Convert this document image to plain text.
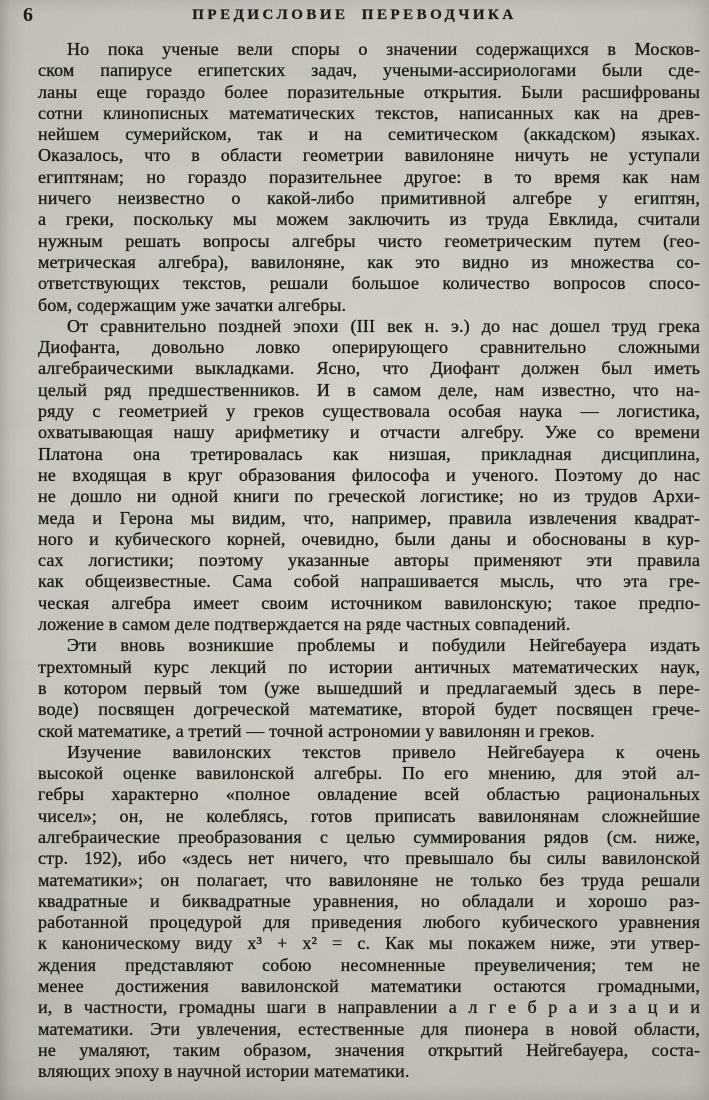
6	ПРЕДИСЛОВИЕ ПЕРЕВОДЧИКА
Но пока ученые вели споры о значении содержащихся в Москов-
ском папирусе египетских задач, учеными-ассириологами были сде-
ланы еще гораздо более поразительные открытия. Были расшифрованы
сотни клинописных математических текстов, написанных как на древ-
нейшем сумерийском, так и на семитическом (аккадском) языках.
Оказалось, что в области геометрии вавилоняне ничуть не уступали
египтянам; но гораздо поразительнее другое: в то время как нам
ничего неизвестно о какой-либо примитивной алгебре у египтян,
а греки, поскольку мы можем заключить из труда Евклида, считали
нужным решать вопросы алгебры чисто геометрическим путем (гео-
метрическая алгебра), вавилоняне, как это видно из множества со-
ответствующих текстов, решали большое количество вопросов спосо-
бом, содержащим уже зачатки алгебры.
От сравнительно поздней эпохи (III век н. э.) до нас дошел труд грека
Диофанта, довольно ловко оперирующего сравнительно сложными
алгебраическими выкладками. Ясно, что Диофант должен был иметь
целый ряд предшественников. И в самом деле, нам известно, что на-
ряду с геометрией у греков существовала особая наука — логистика,
охватывающая нашу арифметику и отчасти алгебру. Уже со времени
Платона она третировалась как низшая, прикладная дисциплина,
не входящая в круг образования философа и ученого. Поэтому до нас
не дошло ни одной книги по греческой логистике; но из трудов Архи-
меда и Герона мы видим, что, например, правила извлечения квадрат-
ного и кубического корней, очевидно, были даны и обоснованы в кур-
сах логистики; поэтому указанные авторы применяют эти правила
как общеизвестные. Сама собой напрашивается мысль, что эта гре-
ческая алгебра имеет своим источником вавилонскую; такое предпо-
ложение в самом деле подтверждается на ряде частных совпадений.
Эти вновь возникшие проблемы и побудили Нейгебауера издать
трехтомный курс лекций по истории античных математических наук,
в котором первый том (уже вышедший и предлагаемый здесь в пере-
воде) посвящен догреческой математике, второй будет посвящен грече-
ской математике, а третий — точной астрономии у вавилонян и греков.
Изучение вавилонских текстов привело Нейгебауера к очень
высокой оценке вавилонской алгебры. По его мнению, для этой ал-
гебры характерно «полное овладение всей областью рациональных
чисел»; он, не колеблясь, готов приписать вавилонянам сложнейшие
алгебраические преобразования с целью суммирования рядов (см. ниже,
стр. 192), ибо «здесь нет ничего, что превышало бы силы вавилонской
математики»; он полагает, что вавилоняне не только без труда решали
квадратные и биквадратные уравнения, но обладали и хорошо раз-
работанной процедурой для приведения любого кубического уравнения
к каноническому виду x³ + x² = c. Как мы покажем ниже, эти утвер-
ждения представляют собою несомненные преувеличения; тем не
менее достижения вавилонской математики остаются громадными,
и, в частности, громадны шаги в направлении а л г е б р а и з а ц и и
математики. Эти увлечения, естественные для пионера в новой области,
не умаляют, таким образом, значения открытий Нейгебауера, соста-
вляющих эпоху в научной истории математики.
